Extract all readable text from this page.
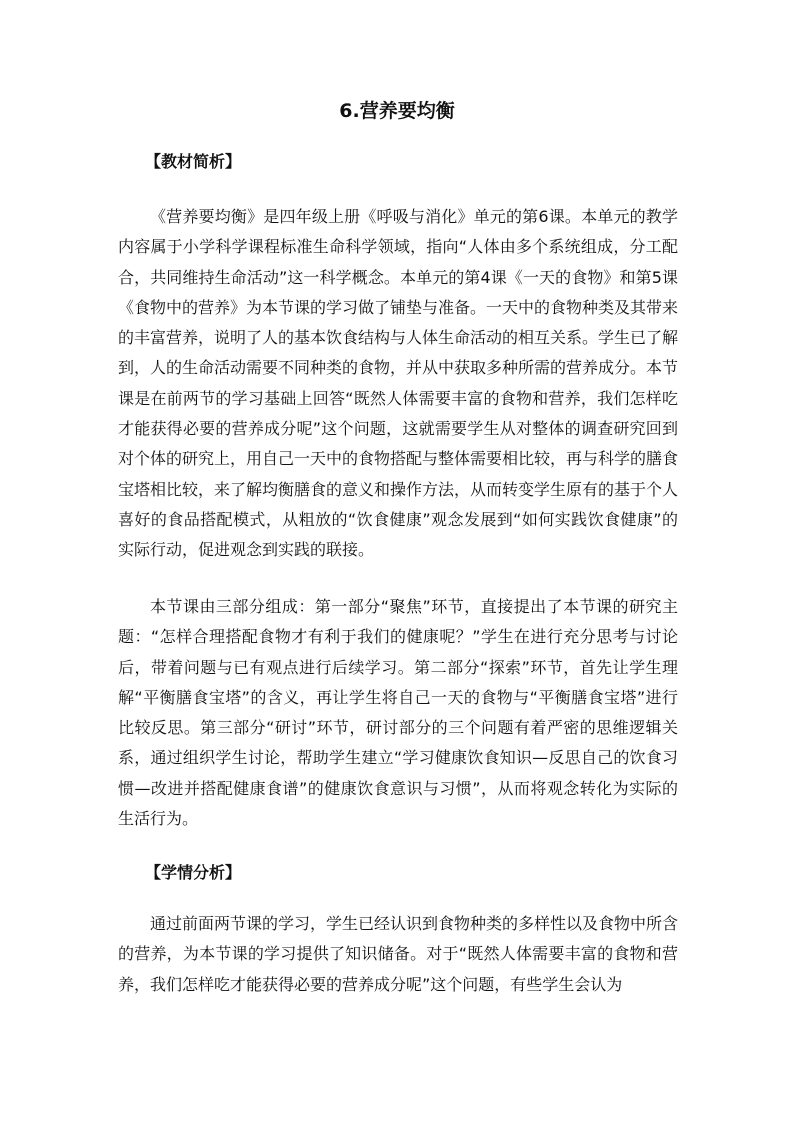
6.营养要均衡
【教材简析】
《营养要均衡》是四年级上册《呼吸与消化》单元的第6课。本单元的教学内容属于小学科学课程标准生命科学领域，指向“人体由多个系统组成，分工配合，共同维持生命活动”这一科学概念。本单元的第4课《一天的食物》和第5课《食物中的营养》为本节课的学习做了铺垫与准备。一天中的食物种类及其带来的丰富营养，说明了人的基本饮食结构与人体生命活动的相互关系。学生已了解到，人的生命活动需要不同种类的食物，并从中获取多种所需的营养成分。本节课是在前两节的学习基础上回答“既然人体需要丰富的食物和营养，我们怎样吃才能获得必要的营养成分呢”这个问题，这就需要学生从对整体的调查研究回到对个体的研究上，用自己一天中的食物搭配与整体需要相比较，再与科学的膳食宝塔相比较，来了解均衡膳食的意义和操作方法，从而转变学生原有的基于个人喜好的食品搭配模式，从粗放的“饮食健康”观念发展到“如何实践饮食健康”的实际行动，促进观念到实践的联接。
本节课由三部分组成：第一部分“聚焦”环节，直接提出了本节课的研究主题：“怎样合理搭配食物才有利于我们的健康呢？”学生在进行充分思考与讨论后，带着问题与已有观点进行后续学习。第二部分“探索”环节，首先让学生理解“平衡膳食宝塔”的含义，再让学生将自己一天的食物与“平衡膳食宝塔”进行比较反思。第三部分“研讨”环节，研讨部分的三个问题有着严密的思维逻辑关系，通过组织学生讨论，帮助学生建立“学习健康饮食知识—反思自己的饮食习惯—改进并搭配健康食谱”的健康饮食意识与习惯”，从而将观念转化为实际的生活行为。
【学情分析】
通过前面两节课的学习，学生已经认识到食物种类的多样性以及食物中所含的营养，为本节课的学习提供了知识储备。对于“既然人体需要丰富的食物和营养，我们怎样吃才能获得必要的营养成分呢”这个问题，有些学生会认为
